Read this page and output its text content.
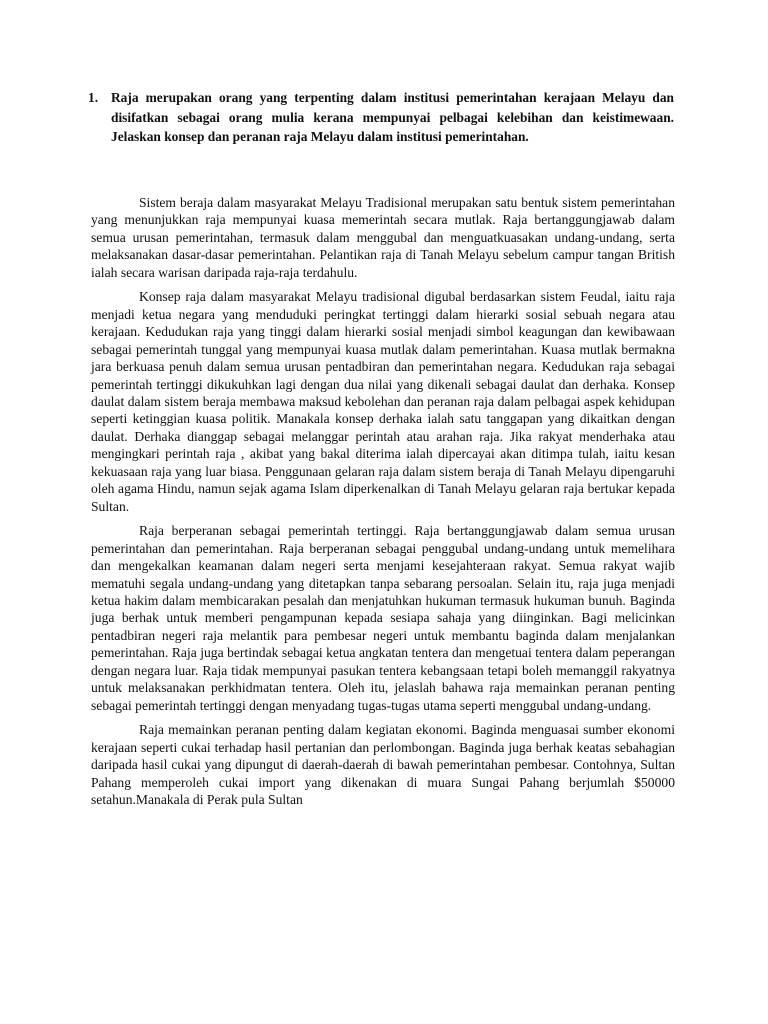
1. Raja merupakan orang yang terpenting dalam institusi pemerintahan kerajaan Melayu dan disifatkan sebagai orang mulia kerana mempunyai pelbagai kelebihan dan keistimewaan. Jelaskan konsep dan peranan raja Melayu dalam institusi pemerintahan.

Sistem beraja dalam masyarakat Melayu Tradisional merupakan satu bentuk sistem pemerintahan yang menunjukkan raja mempunyai kuasa memerintah secara mutlak. Raja bertanggungjawab dalam semua urusan pemerintahan, termasuk dalam menggubal dan menguatkuasakan undang-undang, serta melaksanakan dasar-dasar pemerintahan. Pelantikan raja di Tanah Melayu sebelum campur tangan British ialah secara warisan daripada raja-raja terdahulu.

Konsep raja dalam masyarakat Melayu tradisional digubal berdasarkan sistem Feudal, iaitu raja menjadi ketua negara yang menduduki peringkat tertinggi dalam hierarki sosial sebuah negara atau kerajaan. Kedudukan raja yang tinggi dalam hierarki sosial menjadi simbol keagungan dan kewibawaan sebagai pemerintah tunggal yang mempunyai kuasa mutlak dalam pemerintahan. Kuasa mutlak bermakna jara berkuasa penuh dalam semua urusan pentadbiran dan pemerintahan negara. Kedudukan raja sebagai pemerintah tertinggi dikukuhkan lagi dengan dua nilai yang dikenali sebagai daulat dan derhaka. Konsep daulat dalam sistem beraja membawa maksud kebolehan dan peranan raja dalam pelbagai aspek kehidupan seperti ketinggian kuasa politik. Manakala konsep derhaka ialah satu tanggapan yang dikaitkan dengan daulat. Derhaka dianggap sebagai melanggar perintah atau arahan raja. Jika rakyat menderhaka atau mengingkari perintah raja , akibat yang bakal diterima ialah dipercayai akan ditimpa tulah, iaitu kesan kekuasaan raja yang luar biasa. Penggunaan gelaran raja dalam sistem beraja di Tanah Melayu dipengaruhi oleh agama Hindu, namun sejak agama Islam diperkenalkan di Tanah Melayu gelaran raja bertukar kepada Sultan.

Raja berperanan sebagai pemerintah tertinggi. Raja bertanggungjawab dalam semua urusan pemerintahan dan pemerintahan. Raja berperanan sebagai penggubal undang-undang untuk memelihara dan mengekalkan keamanan dalam negeri serta menjami kesejahteraan rakyat. Semua rakyat wajib mematuhi segala undang-undang yang ditetapkan tanpa sebarang persoalan. Selain itu, raja juga menjadi ketua hakim dalam membicarakan pesalah dan menjatuhkan hukuman termasuk hukuman bunuh. Baginda juga berhak untuk memberi pengampunan kepada sesiapa sahaja yang diinginkan. Bagi melicinkan pentadbiran negeri raja melantik para pembesar negeri untuk membantu baginda dalam menjalankan pemerintahan. Raja juga bertindak sebagai ketua angkatan tentera dan mengetuai tentera dalam peperangan dengan negara luar. Raja tidak mempunyai pasukan tentera kebangsaan tetapi boleh memanggil rakyatnya untuk melaksanakan perkhidmatan tentera. Oleh itu, jelaslah bahawa raja memainkan peranan penting sebagai pemerintah tertinggi dengan menyadang tugas-tugas utama seperti menggubal undang-undang.

Raja memainkan peranan penting dalam kegiatan ekonomi. Baginda menguasai sumber ekonomi kerajaan seperti cukai terhadap hasil pertanian dan perlombongan. Baginda juga berhak keatas sebahagian daripada hasil cukai yang dipungut di daerah-daerah di bawah pemerintahan pembesar. Contohnya, Sultan Pahang memperoleh cukai import yang dikenakan di muara Sungai Pahang berjumlah $50000 setahun.Manakala di Perak pula Sultan
